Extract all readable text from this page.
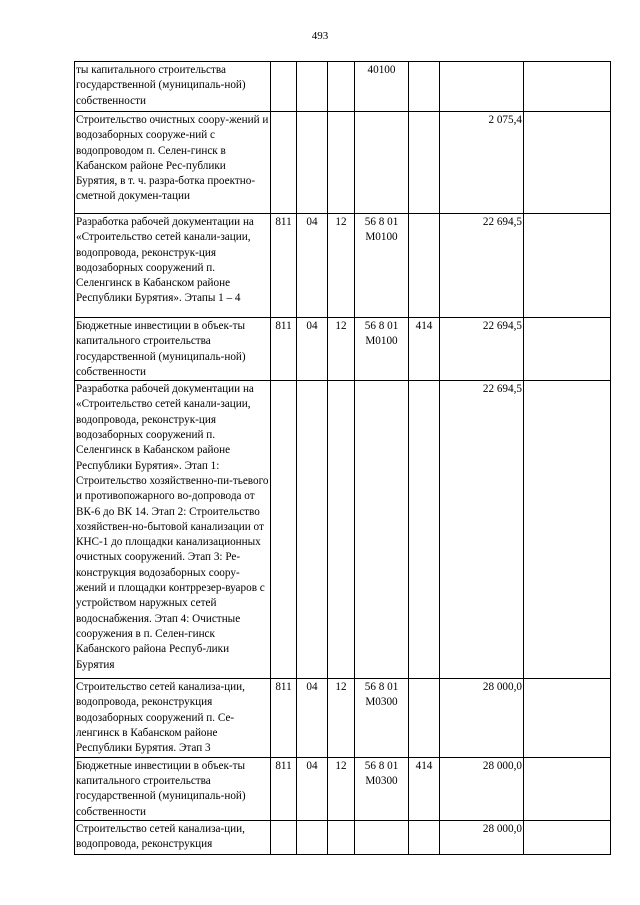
493
ты капитального строительства государственной (муниципаль-ной) собственности				40100			
Строительство очистных соору-жений и водозаборных сооруже-ний с водопроводом п. Селен-гинск в Кабанском районе Рес-публики Бурятия, в т. ч. разра-ботка проектно-сметной докумен-тации						2 075,4	
Разработка рабочей документации на «Строительство сетей канали-зации, водопровода, реконструк-ция водозаборных сооружений п. Селенгинск в Кабанском районе Республики Бурятия». Этапы 1 – 4	811	04	12	56 8 01 М0100		22 694,5	
Бюджетные инвестиции в объек-ты капитального строительства государственной (муниципаль-ной) собственности	811	04	12	56 8 01 М0100	414	22 694,5	
Разработка рабочей документации на «Строительство сетей канали-зации, водопровода, реконструк-ция водозаборных сооружений п. Селенгинск в Кабанском районе Республики Бурятия». Этап 1: Строительство хозяйственно-пи-тьевого и противопожарного во-допровода от ВК-6 до ВК 14. Этап 2: Строительство хозяйствен-но-бытовой канализации от КНС-1 до площадки канализационных очистных сооружений. Этап 3: Ре-конструкция водозаборных соору-жений и площадки контррезер-вуаров с устройством наружных сетей водоснабжения. Этап 4: Очистные сооружения в п. Селен-гинск Кабанского района Респуб-лики Бурятия						22 694,5	
Строительство сетей канализа-ции, водопровода, реконструкция водозаборных сооружений п. Се-ленгинск в Кабанском районе Республики Бурятия. Этап 3	811	04	12	56 8 01 М0300		28 000,0	
Бюджетные инвестиции в объек-ты капитального строительства государственной (муниципаль-ной) собственности	811	04	12	56 8 01 М0300	414	28 000,0	
Строительство сетей канализа-ции, водопровода, реконструкция						28 000,0	
